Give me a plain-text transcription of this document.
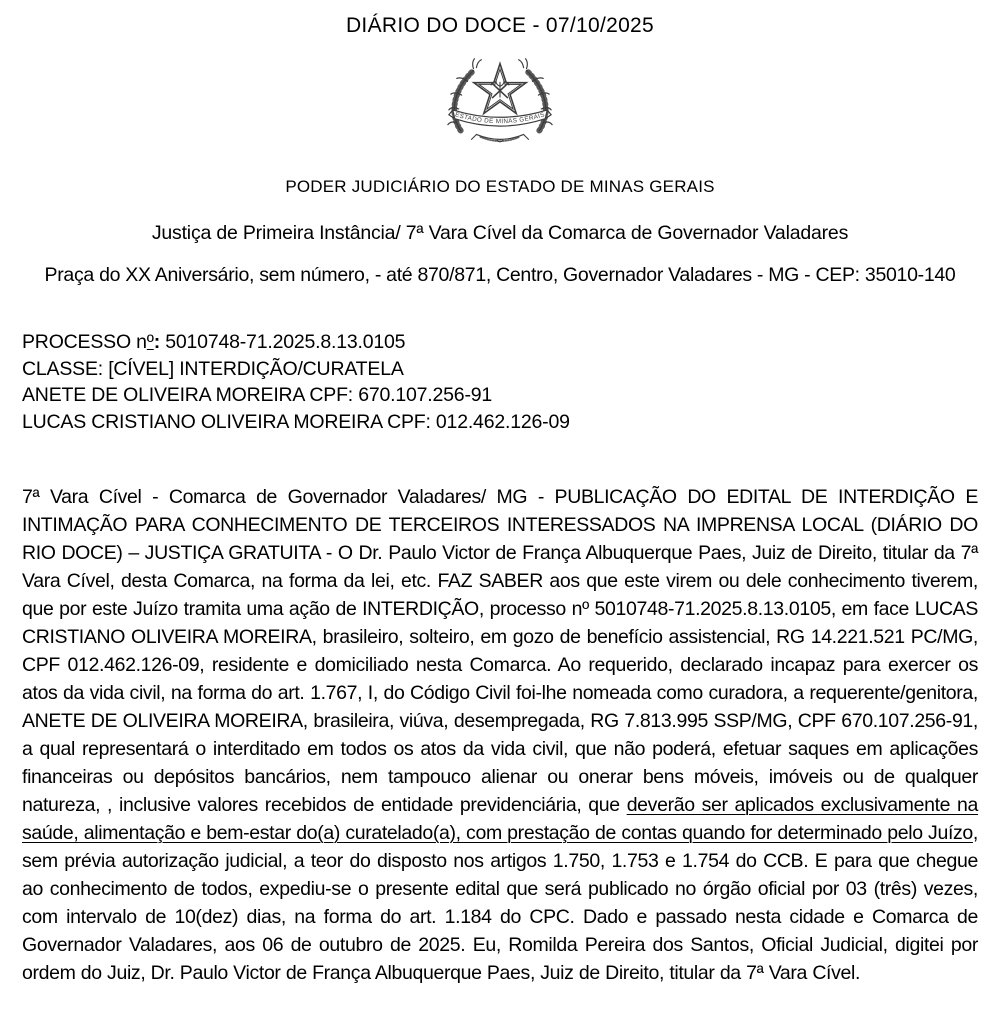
DIÁRIO DO DOCE - 07/10/2025
ESTADO DE MINAS GERAIS
PODER JUDICIÁRIO DO ESTADO DE MINAS GERAIS
Justiça de Primeira Instância/ 7ª Vara Cível da Comarca de Governador Valadares
Praça do XX Aniversário, sem número, - até 870/871, Centro, Governador Valadares - MG - CEP: 35010-140
PROCESSO nº: 5010748-71.2025.8.13.0105
CLASSE: [CÍVEL] INTERDIÇÃO/CURATELA
ANETE DE OLIVEIRA MOREIRA CPF: 670.107.256-91
LUCAS CRISTIANO OLIVEIRA MOREIRA CPF: 012.462.126-09
7ª Vara Cível - Comarca de Governador Valadares/ MG - PUBLICAÇÃO DO EDITAL DE INTERDIÇÃO E INTIMAÇÃO PARA CONHECIMENTO DE TERCEIROS INTERESSADOS NA IMPRENSA LOCAL (DIÁRIO DO RIO DOCE) – JUSTIÇA GRATUITA - O Dr. Paulo Victor de França Albuquerque Paes, Juiz de Direito, titular da 7ª Vara Cível, desta Comarca, na forma da lei, etc. FAZ SABER aos que este virem ou dele conhecimento tiverem, que por este Juízo tramita uma ação de INTERDIÇÃO, processo nº 5010748-71.2025.8.13.0105, em face LUCAS CRISTIANO OLIVEIRA MOREIRA, brasileiro, solteiro, em gozo de benefício assistencial, RG 14.221.521 PC/MG, CPF 012.462.126-09, residente e domiciliado nesta Comarca. Ao requerido, declarado incapaz para exercer os atos da vida civil, na forma do art. 1.767, I, do Código Civil foi-lhe nomeada como curadora, a requerente/genitora, ANETE DE OLIVEIRA MOREIRA, brasileira, viúva, desempregada, RG 7.813.995 SSP/MG, CPF 670.107.256-91, a qual representará o interditado em todos os atos da vida civil, que não poderá, efetuar saques em aplicações financeiras ou depósitos bancários, nem tampouco alienar ou onerar bens móveis, imóveis ou de qualquer natureza, , inclusive valores recebidos de entidade previdenciária, que deverão ser aplicados exclusivamente na saúde, alimentação e bem-estar do(a) curatelado(a), com prestação de contas quando for determinado pelo Juízo, sem prévia autorização judicial, a teor do disposto nos artigos 1.750, 1.753 e 1.754 do CCB. E para que chegue ao conhecimento de todos, expediu-se o presente edital que será publicado no órgão oficial por 03 (três) vezes, com intervalo de 10(dez) dias, na forma do art. 1.184 do CPC. Dado e passado nesta cidade e Comarca de Governador Valadares, aos 06 de outubro de 2025. Eu, Romilda Pereira dos Santos, Oficial Judicial, digitei por ordem do Juiz, Dr. Paulo Victor de França Albuquerque Paes, Juiz de Direito, titular da 7ª Vara Cível.
